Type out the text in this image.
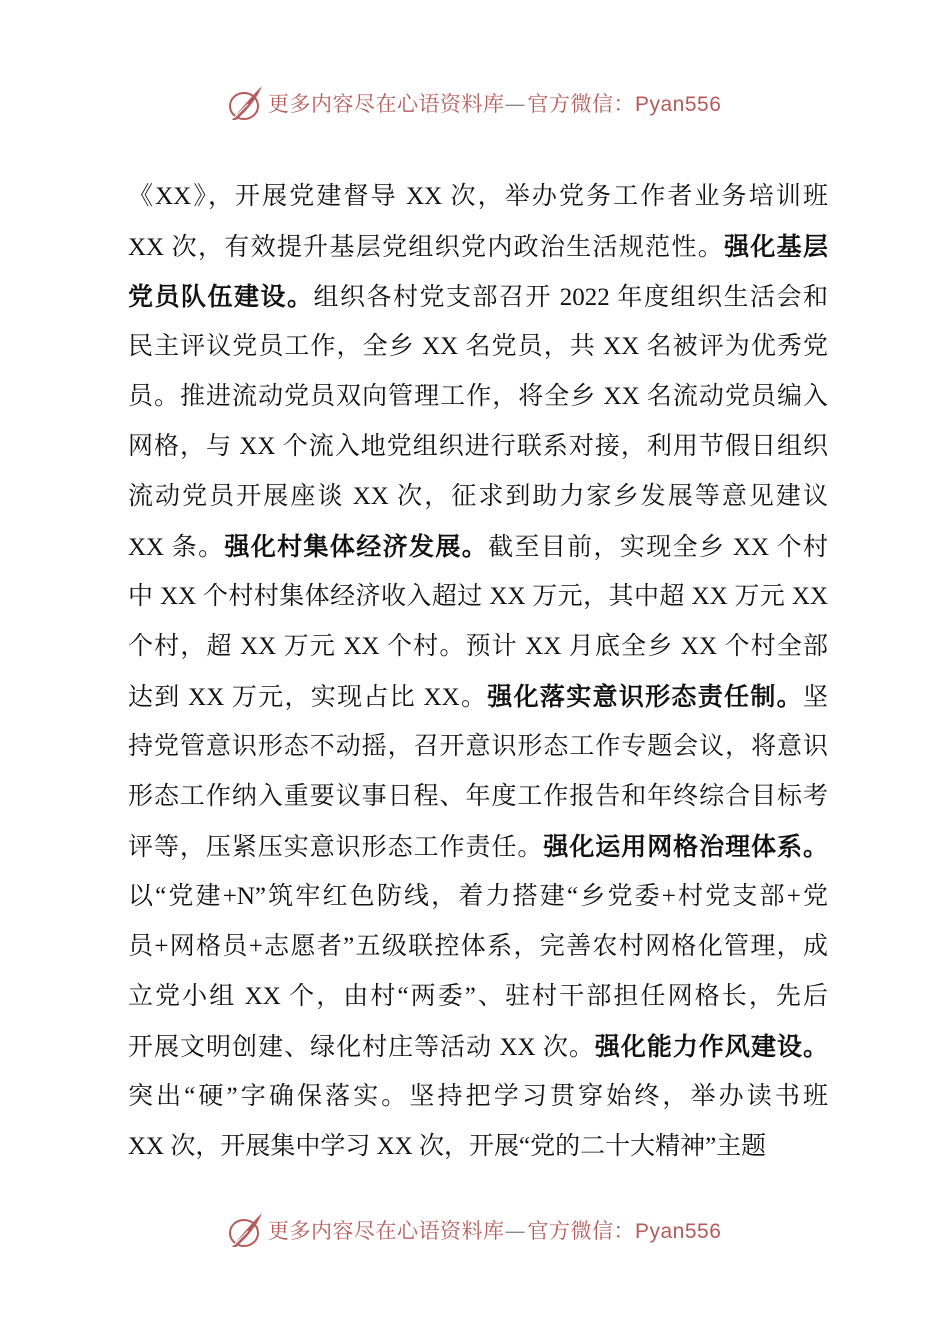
更多内容尽在心语资料库—官方微信：Pyan556
《XX》，开展党建督导 XX 次，举办党务工作者业务培训班
XX 次，有效提升基层党组织党内政治生活规范性。强化基层
党员队伍建设。组织各村党支部召开 2022 年度组织生活会和
民主评议党员工作，全乡 XX 名党员，共 XX 名被评为优秀党
员。推进流动党员双向管理工作，将全乡 XX 名流动党员编入
网格，与 XX 个流入地党组织进行联系对接，利用节假日组织
流动党员开展座谈 XX 次，征求到助力家乡发展等意见建议
XX 条。强化村集体经济发展。截至目前，实现全乡 XX 个村
中 XX 个村村集体经济收入超过 XX 万元，其中超 XX 万元 XX
个村，超 XX 万元 XX 个村。预计 XX 月底全乡 XX 个村全部
达到 XX 万元，实现占比 XX。强化落实意识形态责任制。坚
持党管意识形态不动摇，召开意识形态工作专题会议，将意识
形态工作纳入重要议事日程、年度工作报告和年终综合目标考
评等，压紧压实意识形态工作责任。强化运用网格治理体系。
以“党建+N”筑牢红色防线，着力搭建“乡党委+村党支部+党
员+网格员+志愿者”五级联控体系，完善农村网格化管理，成
立党小组 XX 个，由村“两委”、驻村干部担任网格长，先后
开展文明创建、绿化村庄等活动 XX 次。强化能力作风建设。
突出“硬”字确保落实。坚持把学习贯穿始终，举办读书班
XX 次，开展集中学习 XX 次，开展“党的二十大精神”主题
更多内容尽在心语资料库—官方微信：Pyan556
